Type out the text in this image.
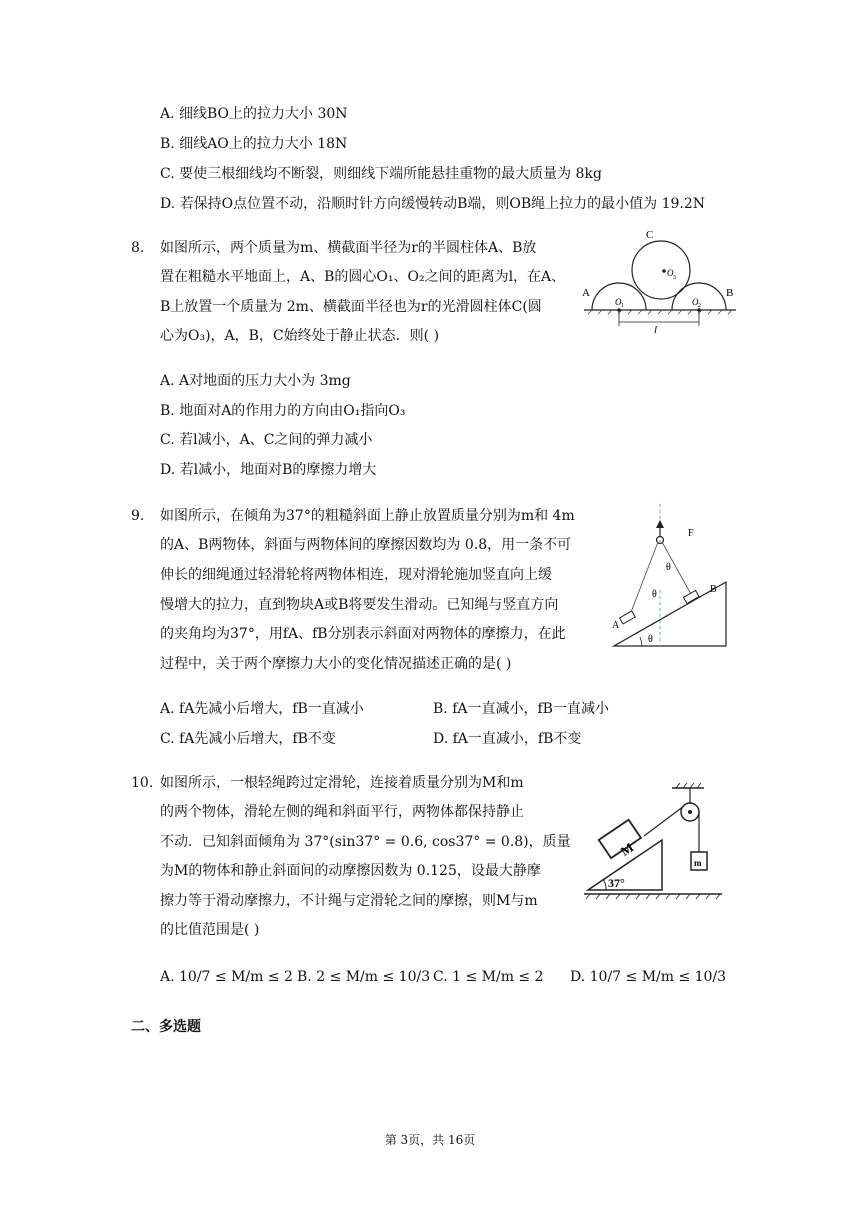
A. 细线BO上的拉力大小 30N
B. 细线AO上的拉力大小 18N
C. 要使三根细线均不断裂，则细线下端所能悬挂重物的最大质量为 8kg
D. 若保持O点位置不动，沿顺时针方向缓慢转动B端，则OB绳上拉力的最小值为 19.2N
8. 如图所示，两个质量为m、横截面半径为r的半圆柱体A、B放
置在粗糙水平地面上，A、B的圆心O₁、O₂之间的距离为l，在A、
B上放置一个质量为 2m、横截面半径也为r的光滑圆柱体C(圆
心为O₃)，A，B，C始终处于静止状态．则( )
C
O 3
A	B
O 1	O 2
l
A. A对地面的压力大小为 3mg
B. 地面对A的作用力的方向由O₁指向O₃
C. 若l减小，A、C之间的弹力减小
D. 若l减小，地面对B的摩擦力增大
9. 如图所示，在倾角为37°的粗糙斜面上静止放置质量分别为m和 4m
的A、B两物体，斜面与两物体间的摩擦因数均为 0.8，用一条不可
伸长的细绳通过轻滑轮将两物体相连，现对滑轮施加竖直向上缓
慢增大的拉力，直到物块A或B将要发生滑动。已知绳与竖直方向
的夹角均为37°，用fA、fB分别表示斜面对两物体的摩擦力，在此
过程中，关于两个摩擦力大小的变化情况描述正确的是( )
F
A
B
θ
θ
θ
A. fA先减小后增大，fB一直减小	B. fA一直减小，fB一直减小
C. fA先减小后增大，fB不变	D. fA一直减小，fB不变
10. 如图所示，一根轻绳跨过定滑轮，连接着质量分别为M和m
的两个物体，滑轮左侧的绳和斜面平行，两物体都保持静止
不动．已知斜面倾角为 37°(sin37° = 0.6, cos37° = 0.8)，质量
为M的物体和静止斜面间的动摩擦因数为 0.125，设最大静摩
擦力等于滑动摩擦力，不计绳与定滑轮之间的摩擦，则M与m
的比值范围是( )
M
m
37°
A. 10/7 ≤ M/m ≤ 2 B. 2 ≤ M/m ≤ 10/3 C. 1 ≤ M/m ≤ 2 D. 10/7 ≤ M/m ≤ 10/3
二、多选题
第 3页，共 16页
